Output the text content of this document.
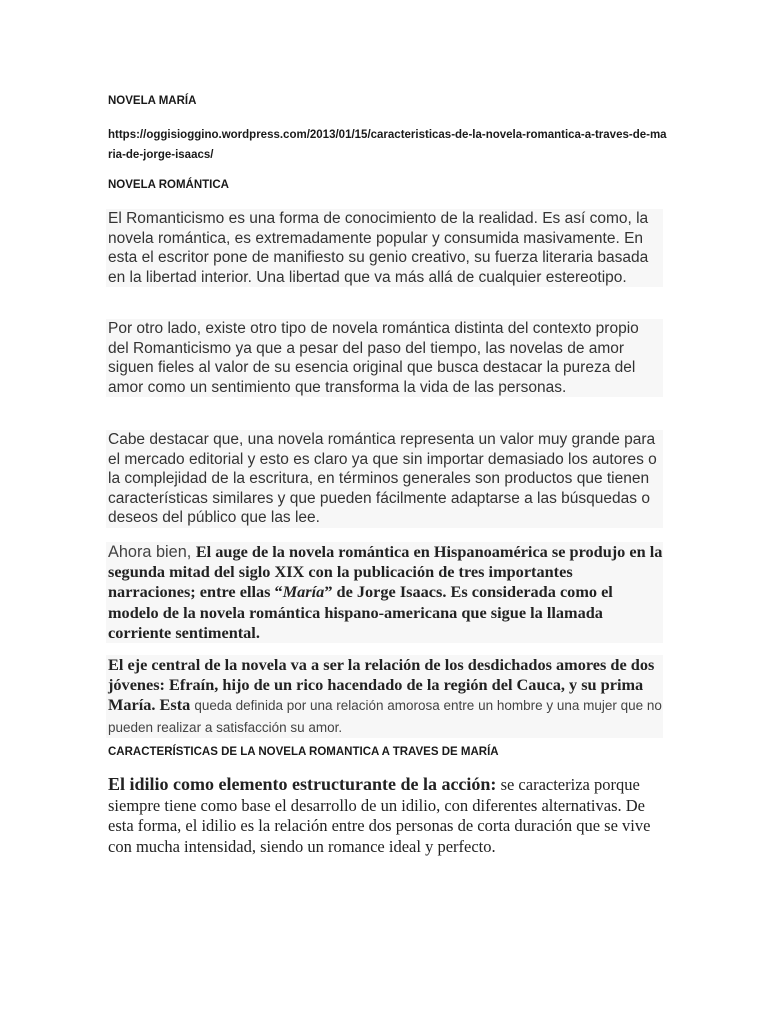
NOVELA MARÍA
https://oggisioggino.wordpress.com/2013/01/15/caracteristicas-de-la-novela-romantica-a-traves-de-maria-de-jorge-isaacs/
NOVELA ROMÁNTICA
El Romanticismo es una forma de conocimiento de la realidad. Es así como, la novela romántica, es extremadamente popular y consumida masivamente. En esta el escritor pone de manifiesto su genio creativo, su fuerza literaria basada en la libertad interior. Una libertad que va más allá de cualquier estereotipo.
Por otro lado, existe otro tipo de novela romántica distinta del contexto propio del Romanticismo ya que a pesar del paso del tiempo, las novelas de amor siguen fieles al valor de su esencia original que busca destacar la pureza del amor como un sentimiento que transforma la vida de las personas.
Cabe destacar que, una novela romántica representa un valor muy grande para el mercado editorial y esto es claro ya que sin importar demasiado los autores o la complejidad de la escritura, en términos generales son productos que tienen características similares y que pueden fácilmente adaptarse a las búsquedas o deseos del público que las lee.
Ahora bien, El auge de la novela romántica en Hispanoamérica se produjo en la segunda mitad del siglo XIX con la publicación de tres importantes narraciones; entre ellas “María” de Jorge Isaacs. Es considerada como el modelo de la novela romántica hispano-americana que sigue la llamada corriente sentimental.
El eje central de la novela va a ser la relación de los desdichados amores de dos jóvenes: Efraín, hijo de un rico hacendado de la región del Cauca, y su prima María. Esta queda definida por una relación amorosa entre un hombre y una mujer que no pueden realizar a satisfacción su amor.
CARACTERÍSTICAS DE LA NOVELA ROMANTICA A TRAVES DE MARÍA
El idilio como elemento estructurante de la acción: se caracteriza porque siempre tiene como base el desarrollo de un idilio, con diferentes alternativas. De esta forma, el idilio es la relación entre dos personas de corta duración que se vive con mucha intensidad, siendo un romance ideal y perfecto.
